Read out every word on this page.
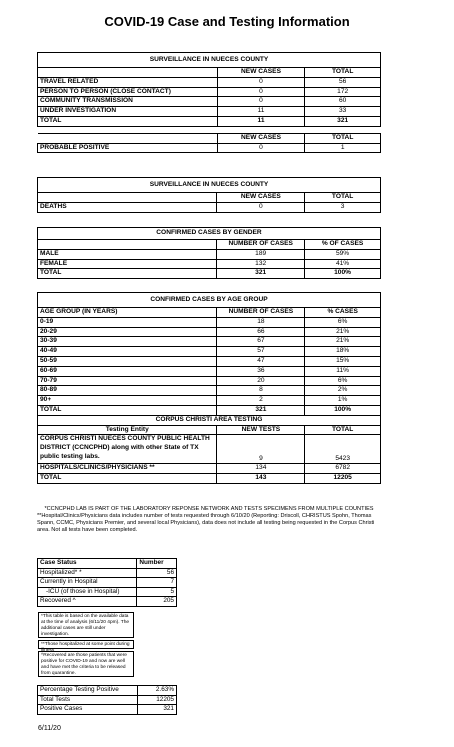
COVID-19 Case and Testing Information
SURVEILLANCE IN NUECES COUNTY		
	NEW CASES	TOTAL
TRAVEL RELATED	0	56
PERSON TO PERSON (CLOSE CONTACT)	0	172
COMMUNITY TRANSMISSION	0	60
UNDER INVESTIGATION	11	33
TOTAL	11	321

	NEW CASES	TOTAL
PROBABLE POSITIVE	0	1
SURVEILLANCE IN NUECES COUNTY		
	NEW CASES	TOTAL
DEATHS	0	3
CONFIRMED CASES BY GENDER		
	NUMBER OF CASES	% OF CASES
MALE	189	59%
FEMALE	132	41%
TOTAL	321	100%
CONFIRMED CASES BY AGE GROUP		
AGE GROUP (IN YEARS)	NUMBER OF CASES	% CASES
0-19	18	6%
20-29	66	21%
30-39	67	21%
40-49	57	18%
50-59	47	15%
60-69	36	11%
70-79	20	6%
80-89	8	2%
90+	2	1%
TOTAL	321	100%
CORPUS CHRISTI AREA TESTING		
Testing Entity	NEW TESTS	TOTAL

CORPUS CHRISTI NUECES COUNTY PUBLIC HEALTH
DISTRICT (CCNCPHD) along with other State of TX
public testing labs.	9	5423
HOSPITALS/CLINICS/PHYSICIANS **	134	6782
TOTAL	143	12205
*CCNCPHD LAB IS PART OF THE LABORATORY REPONSE NETWORK AND TESTS SPECIMENS FROM MULTIPLE COUNTIES
**Hospital/Clinics/Physicians data includes number of tests requested through 6/10/20 (Reporting: Driscoll, CHRISTUS Spohn, Thomas Spann, CCMC, Physicians Premier, and several local Physicians), data does not include all testing being requested in the Corpus Christi area. Not all tests have been completed.
Case Status	Number
Hospitalized* *	56
Currently in Hospital	7
-ICU (of those in Hospital)	5
Recovered ^	205
*This table is based on the available data at the time of analysis (6/11/20 4pm). The additional cases are still under investigation.
**Those hospitalized at some point during illness
^Recovered are those patients that were positive for COVID-19 and now are well and have met the criteria to be released from quarantine.
Percentage Testing Positive	2.63%
Total Tests	12205
Positive Cases	321
6/11/20
